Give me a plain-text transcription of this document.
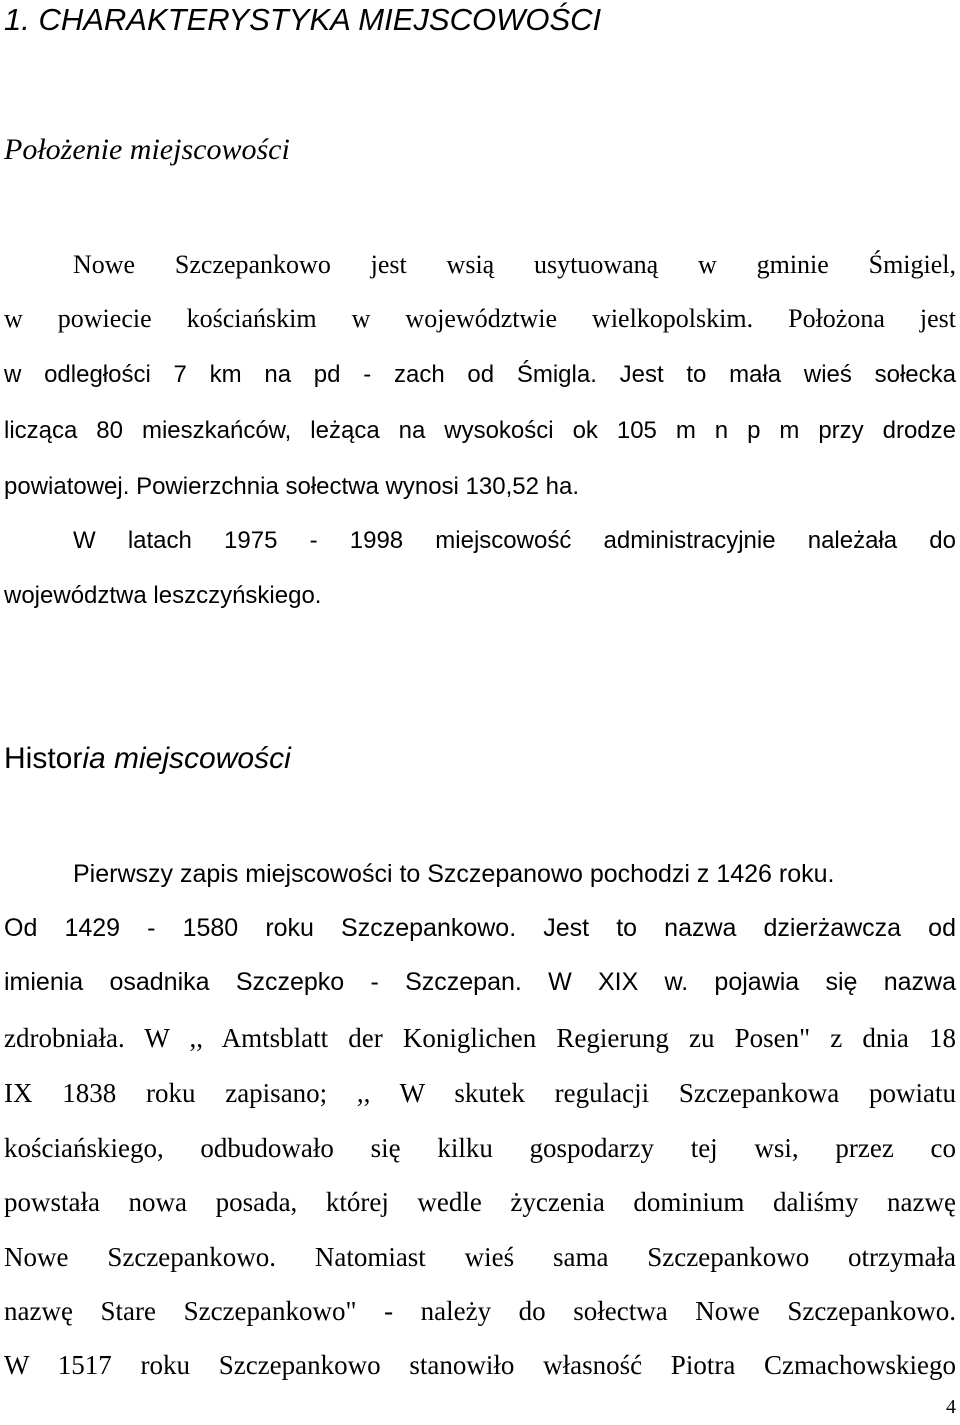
1. CHARAKTERYSTYKA MIEJSCOWOŚCI
Położenie miejscowości
Nowe Szczepankowo jest wsią usytuowaną w gminie Śmigiel,
w powiecie kościańskim w województwie wielkopolskim. Położona jest
w odległości 7 km na pd - zach od Śmigla. Jest to mała wieś sołecka
licząca 80 mieszkańców, leżąca na wysokości ok 105 m n p m przy drodze
powiatowej. Powierzchnia sołectwa wynosi 130,52 ha.
W latach 1975 - 1998 miejscowość administracyjnie należała do
województwa leszczyńskiego.
Historia miejscowości
Pierwszy zapis miejscowości to Szczepanowo pochodzi z 1426 roku.
Od 1429 - 1580 roku Szczepankowo. Jest to nazwa dzierżawcza od
imienia osadnika Szczepko - Szczepan. W XIX w. pojawia się nazwa
zdrobniała. W ,, Amtsblatt der Koniglichen Regierung zu Posen" z dnia 18
IX 1838 roku zapisano; ,, W skutek regulacji Szczepankowa powiatu
kościańskiego, odbudowało się kilku gospodarzy tej wsi, przez co
powstała nowa posada, której wedle życzenia dominium daliśmy nazwę
Nowe Szczepankowo. Natomiast wieś sama Szczepankowo otrzymała
nazwę Stare Szczepankowo" - należy do sołectwa Nowe Szczepankowo.
W 1517 roku Szczepankowo stanowiło własność Piotra Czmachowskiego
4
